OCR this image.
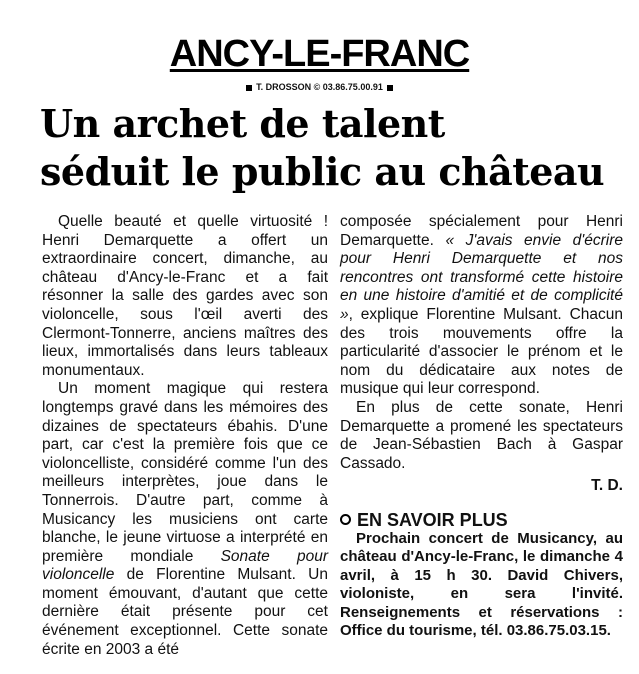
ANCY-LE-FRANC
T. DROSSON © 03.86.75.00.91
Un archet de talent
séduit le public au château

Quelle beauté et quelle virtuosité ! Henri Demarquette a offert un extraordinaire concert, dimanche, au château d'Ancy-le-Franc et a fait résonner la salle des gardes avec son violoncelle, sous l'œil averti des Clermont-Tonnerre, anciens maîtres des lieux, immortalisés dans leurs tableaux monumentaux.

Un moment magique qui restera longtemps gravé dans les mémoires des dizaines de spectateurs ébahis. D'une part, car c'est la première fois que ce violoncelliste, considéré comme l'un des meilleurs interprètes, joue dans le Tonnerrois. D'autre part, comme à Musicancy les musiciens ont carte blanche, le jeune virtuose a interprété en première mondiale Sonate pour violoncelle de Florentine Mulsant. Un moment émouvant, d'autant que cette dernière était présente pour cet événement exceptionnel. Cette sonate écrite en 2003 a été

composée spécialement pour Henri Demarquette. « J'avais envie d'écrire pour Henri Demarquette et nos rencontres ont transformé cette histoire en une histoire d'amitié et de complicité », explique Florentine Mulsant. Chacun des trois mouvements offre la particularité d'associer le prénom et le nom du dédicataire aux notes de musique qui leur correspond.

En plus de cette sonate, Henri Demarquette a promené les spectateurs de Jean-Sébastien Bach à Gaspar Cassado.

T. D.
EN SAVOIR PLUS

Prochain concert de Musicancy, au château d'Ancy-le-Franc, le dimanche 4 avril, à 15 h 30. David Chivers, violoniste, en sera l'invité. Renseignements et réservations : Office du tourisme, tél. 03.86.75.03.15.
